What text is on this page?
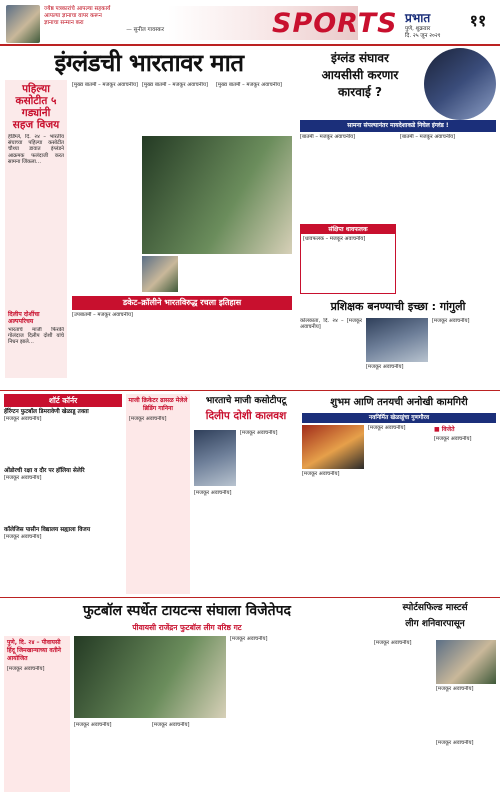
ज्येष्ठ पत्रकारांचे आपल्या सहकार्य
आपल्या ज्ञानाचा वापर करून
ज्ञानाचा सन्मान करा
— सुनील गावस्कर	SPORTS प्रभात
पुणे, शुक्रवार
दि. २५ जून २०२१
११
इंग्लंडची भारतावर मात
पहिल्या
कसोटीत ५
गड्यांनी
सहज विजय
हेडिंग्ले, दि. २४ – भारतीय संघाच्या पहिल्या कसोटीत चौथ्या डावात इंग्लंडने आक्रमक फलंदाजी करत सामना जिंकला…
दिलीप दोशींचा अल्पपरिचय
भारताचे माजी फिरकी गोलंदाज दिलीप दोशी यांचे निधन झाले…
[मुख्य बातमी – मजकूर अवाचनीय] [मुख्य बातमी – मजकूर अवाचनीय]	[मुख्य बातमी – मजकूर अवाचनीय]
डकेट–क्रॉलीने भारतविरुद्ध रचला इतिहास
[उपबातमी – मजकूर अवाचनीय]
इंग्लंड संघावर
आयसीसी करणार
कारवाई ?
सामना संपल्यानंतर मायदेशाकडे निघेल इंग्लंड !
[बातमी – मजकूर अवाचनीय]	[बातमी – मजकूर अवाचनीय]
संक्षिप्त धावफलक
[धावफलक – मजकूर अवाचनीय]
प्रशिक्षक बनण्याची इच्छा : गांगुली
कोलकाता, दि. २४ – [मजकूर अवाचनीय]
[मजकूर अवाचनीय]
[मजकूर अवाचनीय]
शॉर्ट कॉर्नर
हॅरिंग्टन फुटबॉल डिमरावेणी खेळाडू तक्ता
[मजकूर अवाचनीय]
ओंडोरची रक्षा व दौर पर हॉलिया सेलेरि
[मजकूर अवाचनीय]
कॉलेजिस पासीन विद्यालय सह्याला विजय
[मजकूर अवाचनीय]
माजी क्रिकेटर ढासळ मेलेले ब्रिडिंग गानिना
[मजकूर अवाचनीय]
भारताचे माजी कसोटीपटू
दिलीप दोशी कालवश
[मजकूर अवाचनीय]
[मजकूर अवाचनीय]
शुभम आणि तनयची अनोखी कामगिरी
नवनिर्मित खेळाडूंचा गुणगौरव
[मजकूर अवाचनीय]
[मजकूर अवाचनीय]	■ विजेते
[मजकूर अवाचनीय]
फुटबॉल स्पर्धेत टायटन्स संघाला विजेतेपद
पीवायसी राजेंद्रन फुटबॉल लीग वरिष्ठ गट
पुणे, दि. २४ – पीवायसी हिंदू जिमखान्याच्या वतीने आयोजित
[मजकूर अवाचनीय]
[मजकूर अवाचनीय]	[मजकूर अवाचनीय]
[मजकूर अवाचनीय]
स्पोर्टसफिल्ड मास्टर्स
लीग शनिवारपासून
[मजकूर अवाचनीय]
[मजकूर अवाचनीय]
[मजकूर अवाचनीय]
